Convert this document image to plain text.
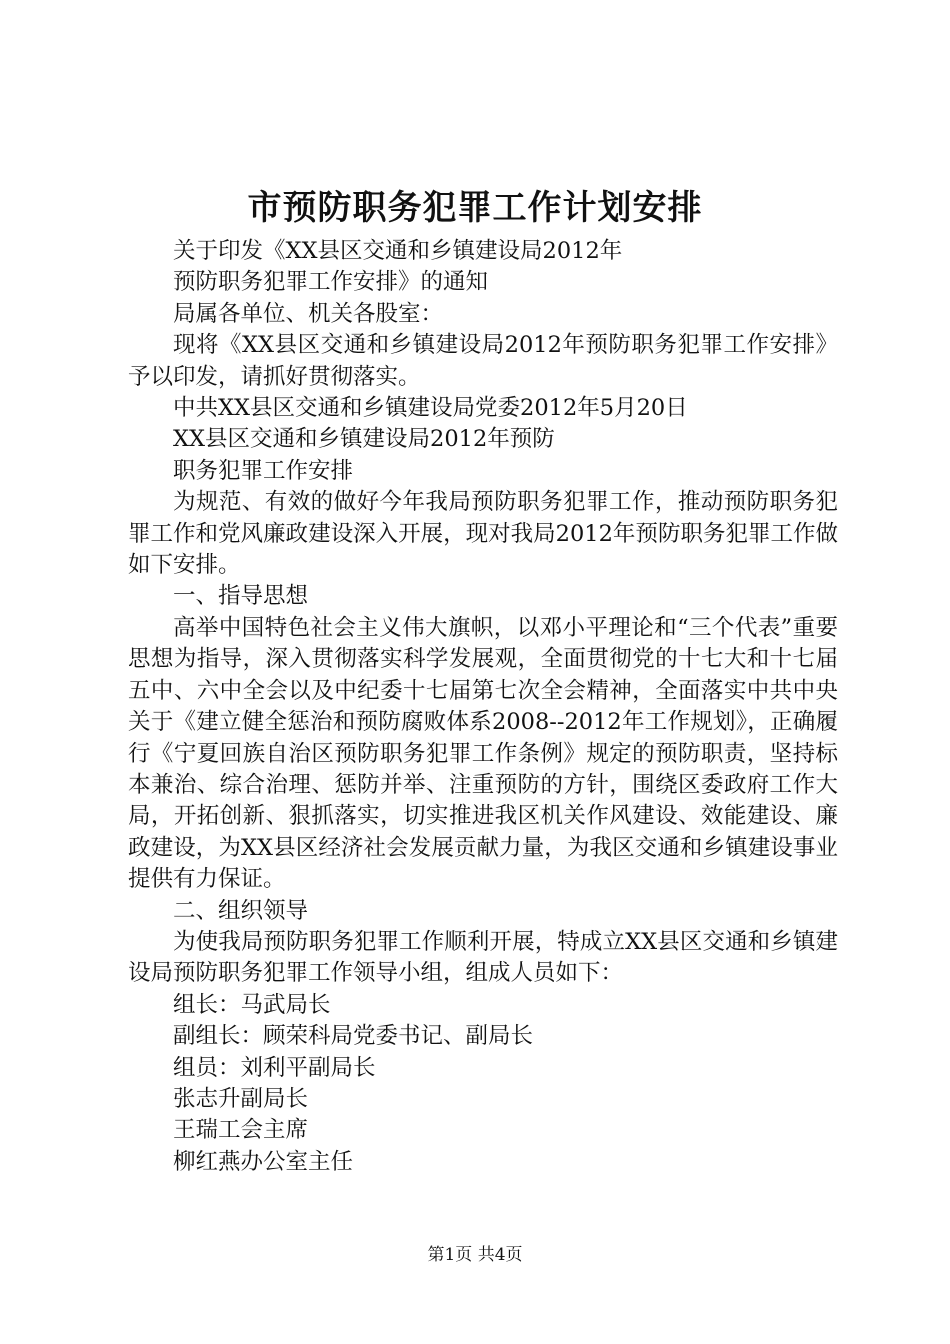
市预防职务犯罪工作计划安排

关于印发《XX县区交通和乡镇建设局2012年

预防职务犯罪工作安排》的通知

局属各单位、机关各股室：

现将《XX县区交通和乡镇建设局2012年预防职务犯罪工作安排》予以印发，请抓好贯彻落实。

中共XX县区交通和乡镇建设局党委2012年5月20日

XX县区交通和乡镇建设局2012年预防

职务犯罪工作安排

为规范、有效的做好今年我局预防职务犯罪工作，推动预防职务犯罪工作和党风廉政建设深入开展，现对我局2012年预防职务犯罪工作做如下安排。

一、指导思想

高举中国特色社会主义伟大旗帜，以邓小平理论和“三个代表”重要思想为指导，深入贯彻落实科学发展观，全面贯彻党的十七大和十七届五中、六中全会以及中纪委十七届第七次全会精神，全面落实中共中央关于《建立健全惩治和预防腐败体系2008--2012年工作规划》，正确履行《宁夏回族自治区预防职务犯罪工作条例》规定的预防职责，坚持标本兼治、综合治理、惩防并举、注重预防的方针，围绕区委政府工作大局，开拓创新、狠抓落实，切实推进我区机关作风建设、效能建设、廉政建设，为XX县区经济社会发展贡献力量，为我区交通和乡镇建设事业提供有力保证。

二、组织领导

为使我局预防职务犯罪工作顺利开展，特成立XX县区交通和乡镇建设局预防职务犯罪工作领导小组，组成人员如下：

组长：马武局长

副组长：顾荣科局党委书记、副局长

组员：刘利平副局长

张志升副局长

王瑞工会主席

柳红燕办公室主任

第1页 共4页
